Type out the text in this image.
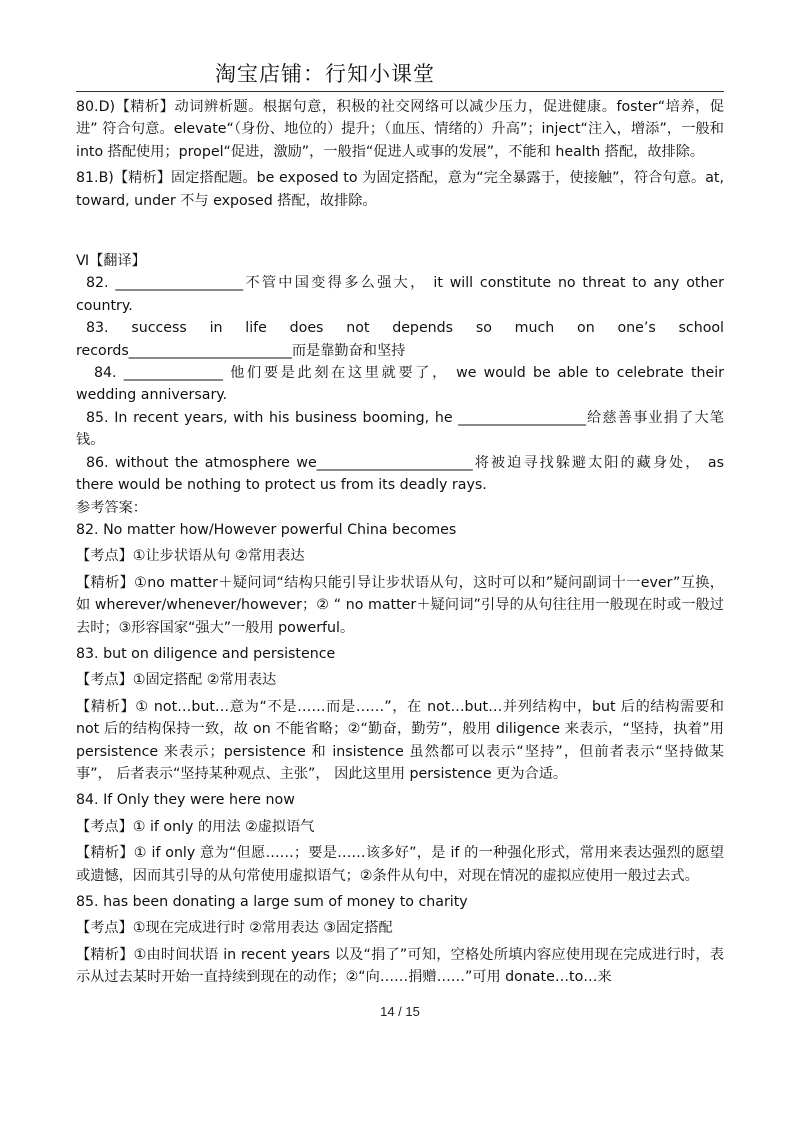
淘宝店铺：行知小课堂

80.D)【精析】动词辨析题。根据句意，积极的社交网络可以减少压力，促进健康。foster“培养，促进” 符合句意。elevate“（身份、地位的）提升；（血压、情绪的）升高”；inject“注入，增添”，一般和 into 搭配使用；propel“促进，激励”，一般指“促进人或事的发展”，不能和 health 搭配，故排除。

81.B)【精析】固定搭配题。be exposed to 为固定搭配，意为“完全暴露于，使接触”，符合句意。at, toward, under 不与 exposed 搭配，故排除。

Ⅵ【翻译】

82. __________________不管中国变得多么强大， it will constitute no threat to any other country.

83. success in life does not depends so much on one’s school records_______________________而是靠勤奋和坚持

84. ______________ 他们要是此刻在这里就要了， we would be able to celebrate their wedding anniversary.

85. In recent years, with his business booming, he __________________给慈善事业捐了大笔钱。

86. without the atmosphere we______________________将被迫寻找躲避太阳的藏身处， as there would be nothing to protect us from its deadly rays.

参考答案：

82. No matter how/However powerful China becomes

【考点】①让步状语从句 ②常用表达

【精析】①no matter＋疑问词“结构只能引导让步状语从句，这时可以和”疑问副词十一ever”互换，如 wherever/whenever/however；② “ no matter＋疑问词”引导的从句往往用一般现在时或一般过去时；③形容国家“强大”一般用 powerful。

83. but on diligence and persistence

【考点】①固定搭配 ②常用表达

【精析】① not…but…意为“不是……而是……”，在 not…but…并列结构中，but 后的结构需要和 not 后的结构保持一致，故 on 不能省略；②“勤奋，勤劳”，般用 diligence 来表示，“坚持，执着”用 persistence 来表示；persistence 和 insistence 虽然都可以表示“坚持”，但前者表示“坚持做某事”， 后者表示“坚持某种观点、主张”， 因此这里用 persistence 更为合适。

84. If Only they were here now

【考点】① if only 的用法 ②虚拟语气

【精析】① if only 意为“但愿……；要是……该多好”，是 if 的一种强化形式，常用来表达强烈的愿望或遗憾，因而其引导的从句常使用虚拟语气；②条件从句中，对现在情况的虚拟应使用一般过去式。

85. has been donating a large sum of money to charity

【考点】①现在完成进行时 ②常用表达 ③固定搭配

【精析】①由时间状语 in recent years 以及“捐了”可知，空格处所填内容应使用现在完成进行时，表示从过去某时开始一直持续到现在的动作；②“向……捐赠……”可用 donate…to…来

14 / 15
